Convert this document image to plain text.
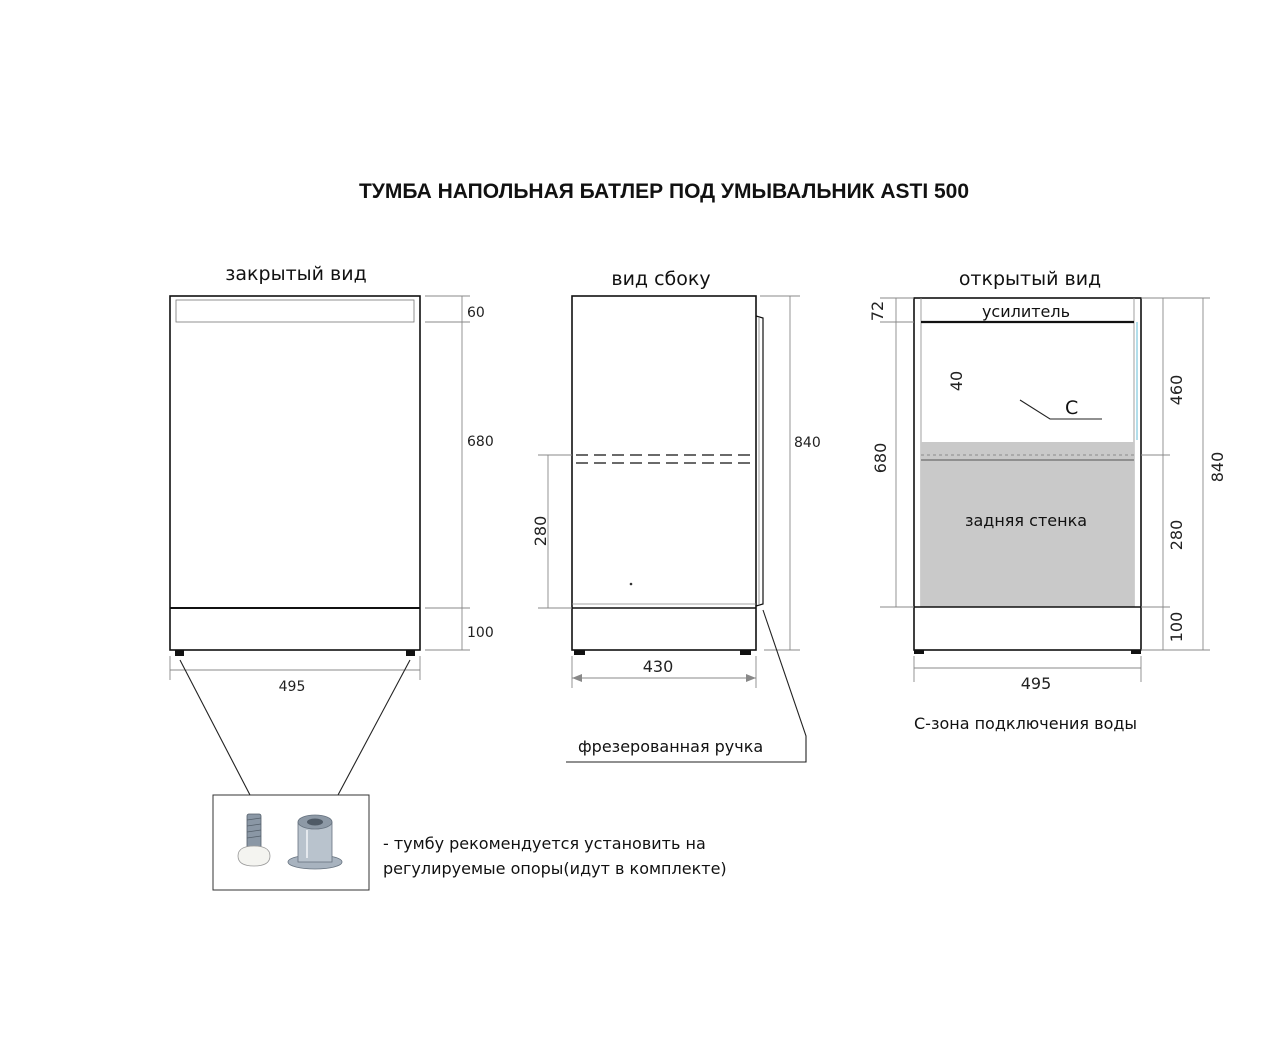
ТУМБА НАПОЛЬНАЯ БАТЛЕР ПОД УМЫВАЛЬНИК ASTI 500
закрытый вид
60
680
100
495
- тумбу рекомендуется установить на
регулируемые опоры(идут в комплекте)
вид сбоку
840
280
430
фрезерованная ручка
открытый вид
усилитель
задняя стенка
40
C
72
680
460
280
100
840
495
С-зона подключения воды
